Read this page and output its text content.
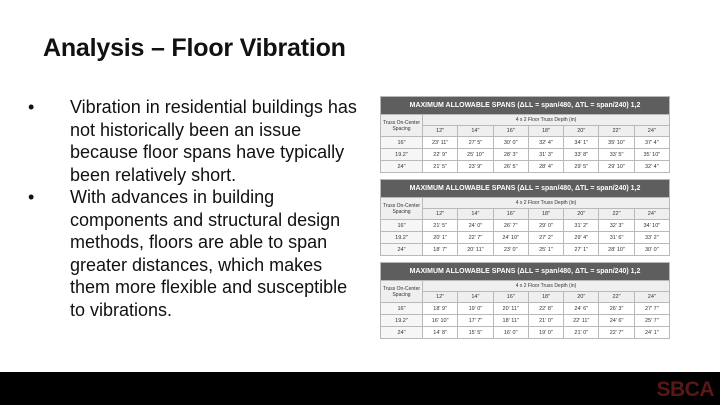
Analysis – Floor Vibration
• Vibration in residential buildings has not historically been an issue because floor spans have typically been relatively short.
• With advances in building components and structural design methods, floors are able to span greater distances, which makes them more flexible and susceptible to vibrations.
MAXIMUM ALLOWABLE SPANS (ΔLL = span/480, ΔTL = span/240) 1,2							
Truss On-Center Spacing	4 x 2 Floor Truss Depth (in)						
	12"	14"	16"	18"	20"	22"	24"
16"	23' 11"	27' 5"	30' 0"	32' 4"	34' 1"	35' 10"	37' 4"
19.2"	22' 9"	25' 10"	28' 3"	31' 3"	33' 8"	33' 5"	35' 10"
24"	21' 5"	23' 9"	26' 5"	28' 4"	29' 5"	29' 10"	32' 4"
MAXIMUM ALLOWABLE SPANS (ΔLL = span/480, ΔTL = span/240) 1,2							
Truss On-Center Spacing	4 x 2 Floor Truss Depth (in)						
	12"	14"	16"	18"	20"	22"	24"
16"	21' 5"	24' 0"	26' 7"	29' 0"	31' 2"	32' 3"	34' 10"
19.2"	20' 1"	22' 7"	24' 10"	27' 2"	29' 4"	31' 6"	33' 2"
24"	18' 7"	20' 11"	23' 0"	25' 1"	27' 1"	28' 10"	30' 0"
MAXIMUM ALLOWABLE SPANS (ΔLL = span/480, ΔTL = span/240) 1,2							
Truss On-Center Spacing	4 x 2 Floor Truss Depth (in)						
	12"	14"	16"	18"	20"	22"	24"
16"	18' 9"	19' 0"	20' 11"	22' 8"	24' 6"	26' 3"	27' 7"
19.2"	16' 10"	17' 7"	18' 11"	21' 0"	22' 11"	24' 6"	25' 7"
24"	14' 8"	15' 5"	16' 0"	19' 0"	21' 0"	22' 7"	24' 1"
SBCA
